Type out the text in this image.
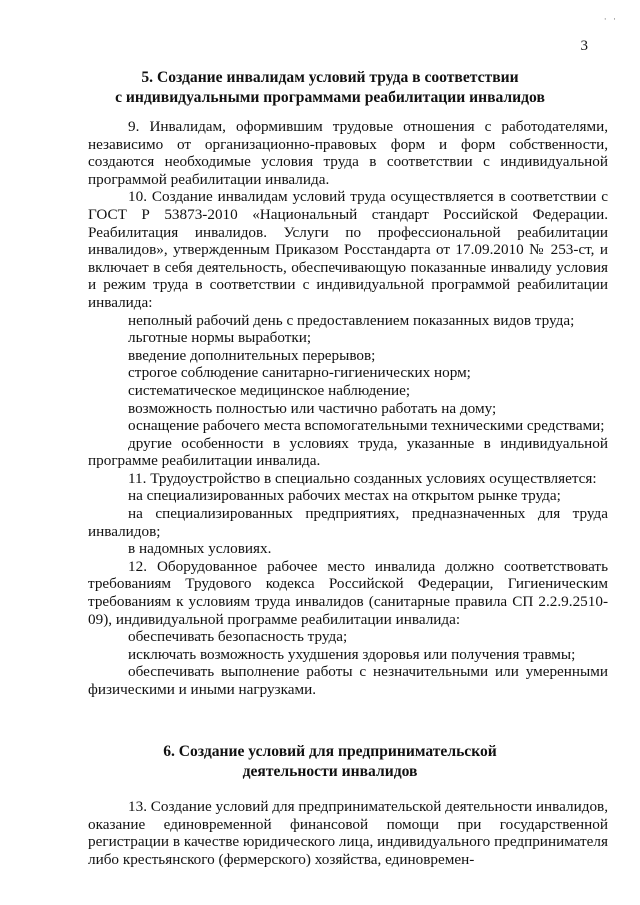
· ·
3
5. Создание инвалидам условий труда в соответствии
с индивидуальными программами реабилитации инвалидов

9. Инвалидам, оформившим трудовые отношения с работодателями, независимо от организационно-правовых форм и форм собственности, создаются необходимые условия труда в соответствии с индивидуальной программой реабилитации инвалида.

10. Создание инвалидам условий труда осуществляется в соответствии с ГОСТ Р 53873-2010 «Национальный стандарт Российской Федерации. Реабилитация инвалидов. Услуги по профессиональной реабилитации инвалидов», утвержденным Приказом Росстандарта от 17.09.2010 № 253-ст, и включает в себя деятельность, обеспечивающую показанные инвалиду условия и режим труда в соответствии с индивидуальной программой реабилитации инвалида:

неполный рабочий день с предоставлением показанных видов труда;

льготные нормы выработки;

введение дополнительных перерывов;

строгое соблюдение санитарно-гигиенических норм;

систематическое медицинское наблюдение;

возможность полностью или частично работать на дому;

оснащение рабочего места вспомогательными техническими средствами;

другие особенности в условиях труда, указанные в индивидуальной программе реабилитации инвалида.

11. Трудоустройство в специально созданных условиях осуществляется:

на специализированных рабочих местах на открытом рынке труда;

на специализированных предприятиях, предназначенных для труда инвалидов;

в надомных условиях.

12. Оборудованное рабочее место инвалида должно соответствовать требованиям Трудового кодекса Российской Федерации, Гигиеническим требованиям к условиям труда инвалидов (санитарные правила СП 2.2.9.2510-09), индивидуальной программе реабилитации инвалида:

обеспечивать безопасность труда;

исключать возможность ухудшения здоровья или получения травмы;

обеспечивать выполнение работы с незначительными или умеренными физическими и иными нагрузками.

6. Создание условий для предпринимательской
деятельности инвалидов

13. Создание условий для предпринимательской деятельности инвалидов, оказание единовременной финансовой помощи при государственной регистрации в качестве юридического лица, индивидуального предпринимателя либо крестьянского (фермерского) хозяйства, единовремен-
